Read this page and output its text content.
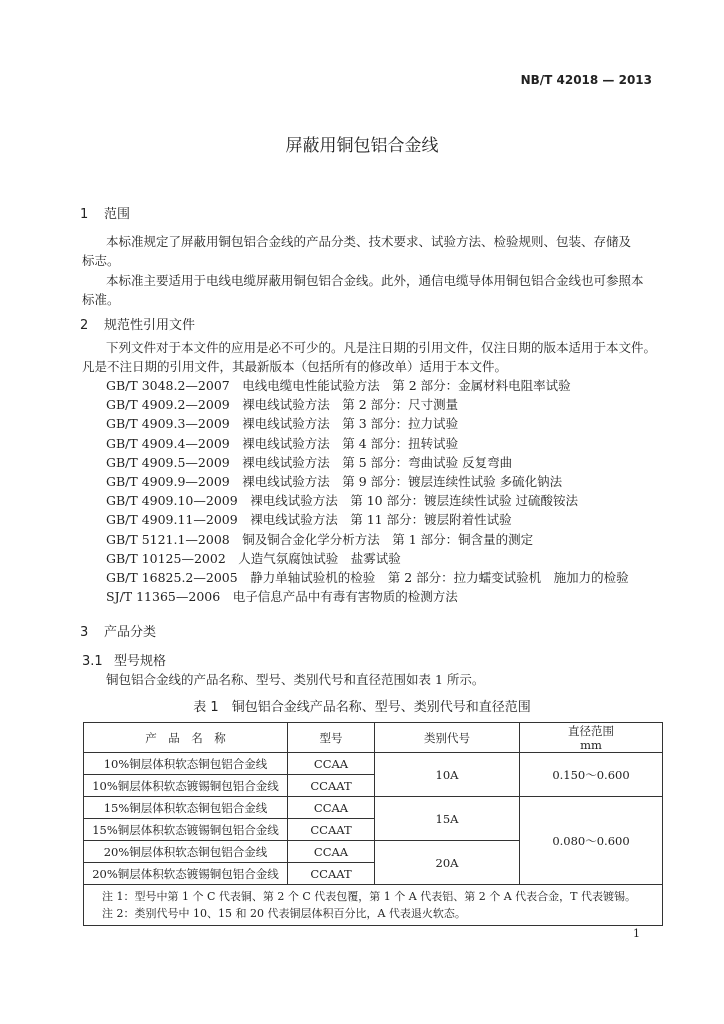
NB/T 42018 — 2013
屏蔽用铜包铝合金线
1 范围
本标准规定了屏蔽用铜包铝合金线的产品分类、技术要求、试验方法、检验规则、包装、存储及
标志。
本标准主要适用于电线电缆屏蔽用铜包铝合金线。此外，通信电缆导体用铜包铝合金线也可参照本
标准。
2 规范性引用文件
下列文件对于本文件的应用是必不可少的。凡是注日期的引用文件，仅注日期的版本适用于本文件。
凡是不注日期的引用文件，其最新版本（包括所有的修改单）适用于本文件。
GB/T 3048.2—2007　 电线电缆电性能试验方法　第 2 部分：金属材料电阻率试验
GB/T 4909.2—2009　 裸电线试验方法　第 2 部分：尺寸测量
GB/T 4909.3—2009　 裸电线试验方法　第 3 部分：拉力试验
GB/T 4909.4—2009　 裸电线试验方法　第 4 部分：扭转试验
GB/T 4909.5—2009　 裸电线试验方法　第 5 部分：弯曲试验 反复弯曲
GB/T 4909.9—2009　 裸电线试验方法　第 9 部分：镀层连续性试验 多硫化钠法
GB/T 4909.10—2009　 裸电线试验方法　第 10 部分：镀层连续性试验 过硫酸铵法
GB/T 4909.11—2009　 裸电线试验方法　第 11 部分：镀层附着性试验
GB/T 5121.1—2008　 铜及铜合金化学分析方法　第 1 部分：铜含量的测定
GB/T 10125—2002　 人造气氛腐蚀试验　盐雾试验
GB/T 16825.2—2005　 静力单轴试验机的检验　第 2 部分：拉力蠕变试验机　施加力的检验
SJ/T 11365—2006　 电子信息产品中有毒有害物质的检测方法
3 产品分类
3.1 型号规格
铜包铝合金线的产品名称、型号、类别代号和直径范围如表 1 所示。
表 1　铜包铝合金线产品名称、型号、类别代号和直径范围
产　品　名　称	型号	类别代号	直径范围
mm
10%铜层体积软态铜包铝合金线	CCAA	10A	0.150～0.600
10%铜层体积软态镀锡铜包铝合金线	CCAAT		
15%铜层体积软态铜包铝合金线	CCAA	15A	0.080～0.600
15%铜层体积软态镀锡铜包铝合金线	CCAAT		
20%铜层体积软态铜包铝合金线	CCAA	20A	
20%铜层体积软态镀锡铜包铝合金线	CCAAT		

注 1：型号中第 1 个 C 代表铜、第 2 个 C 代表包覆，第 1 个 A 代表铝、第 2 个 A 代表合金，T 代表镀锡。
注 2：类别代号中 10、15 和 20 代表铜层体积百分比，A 代表退火软态。			
1
